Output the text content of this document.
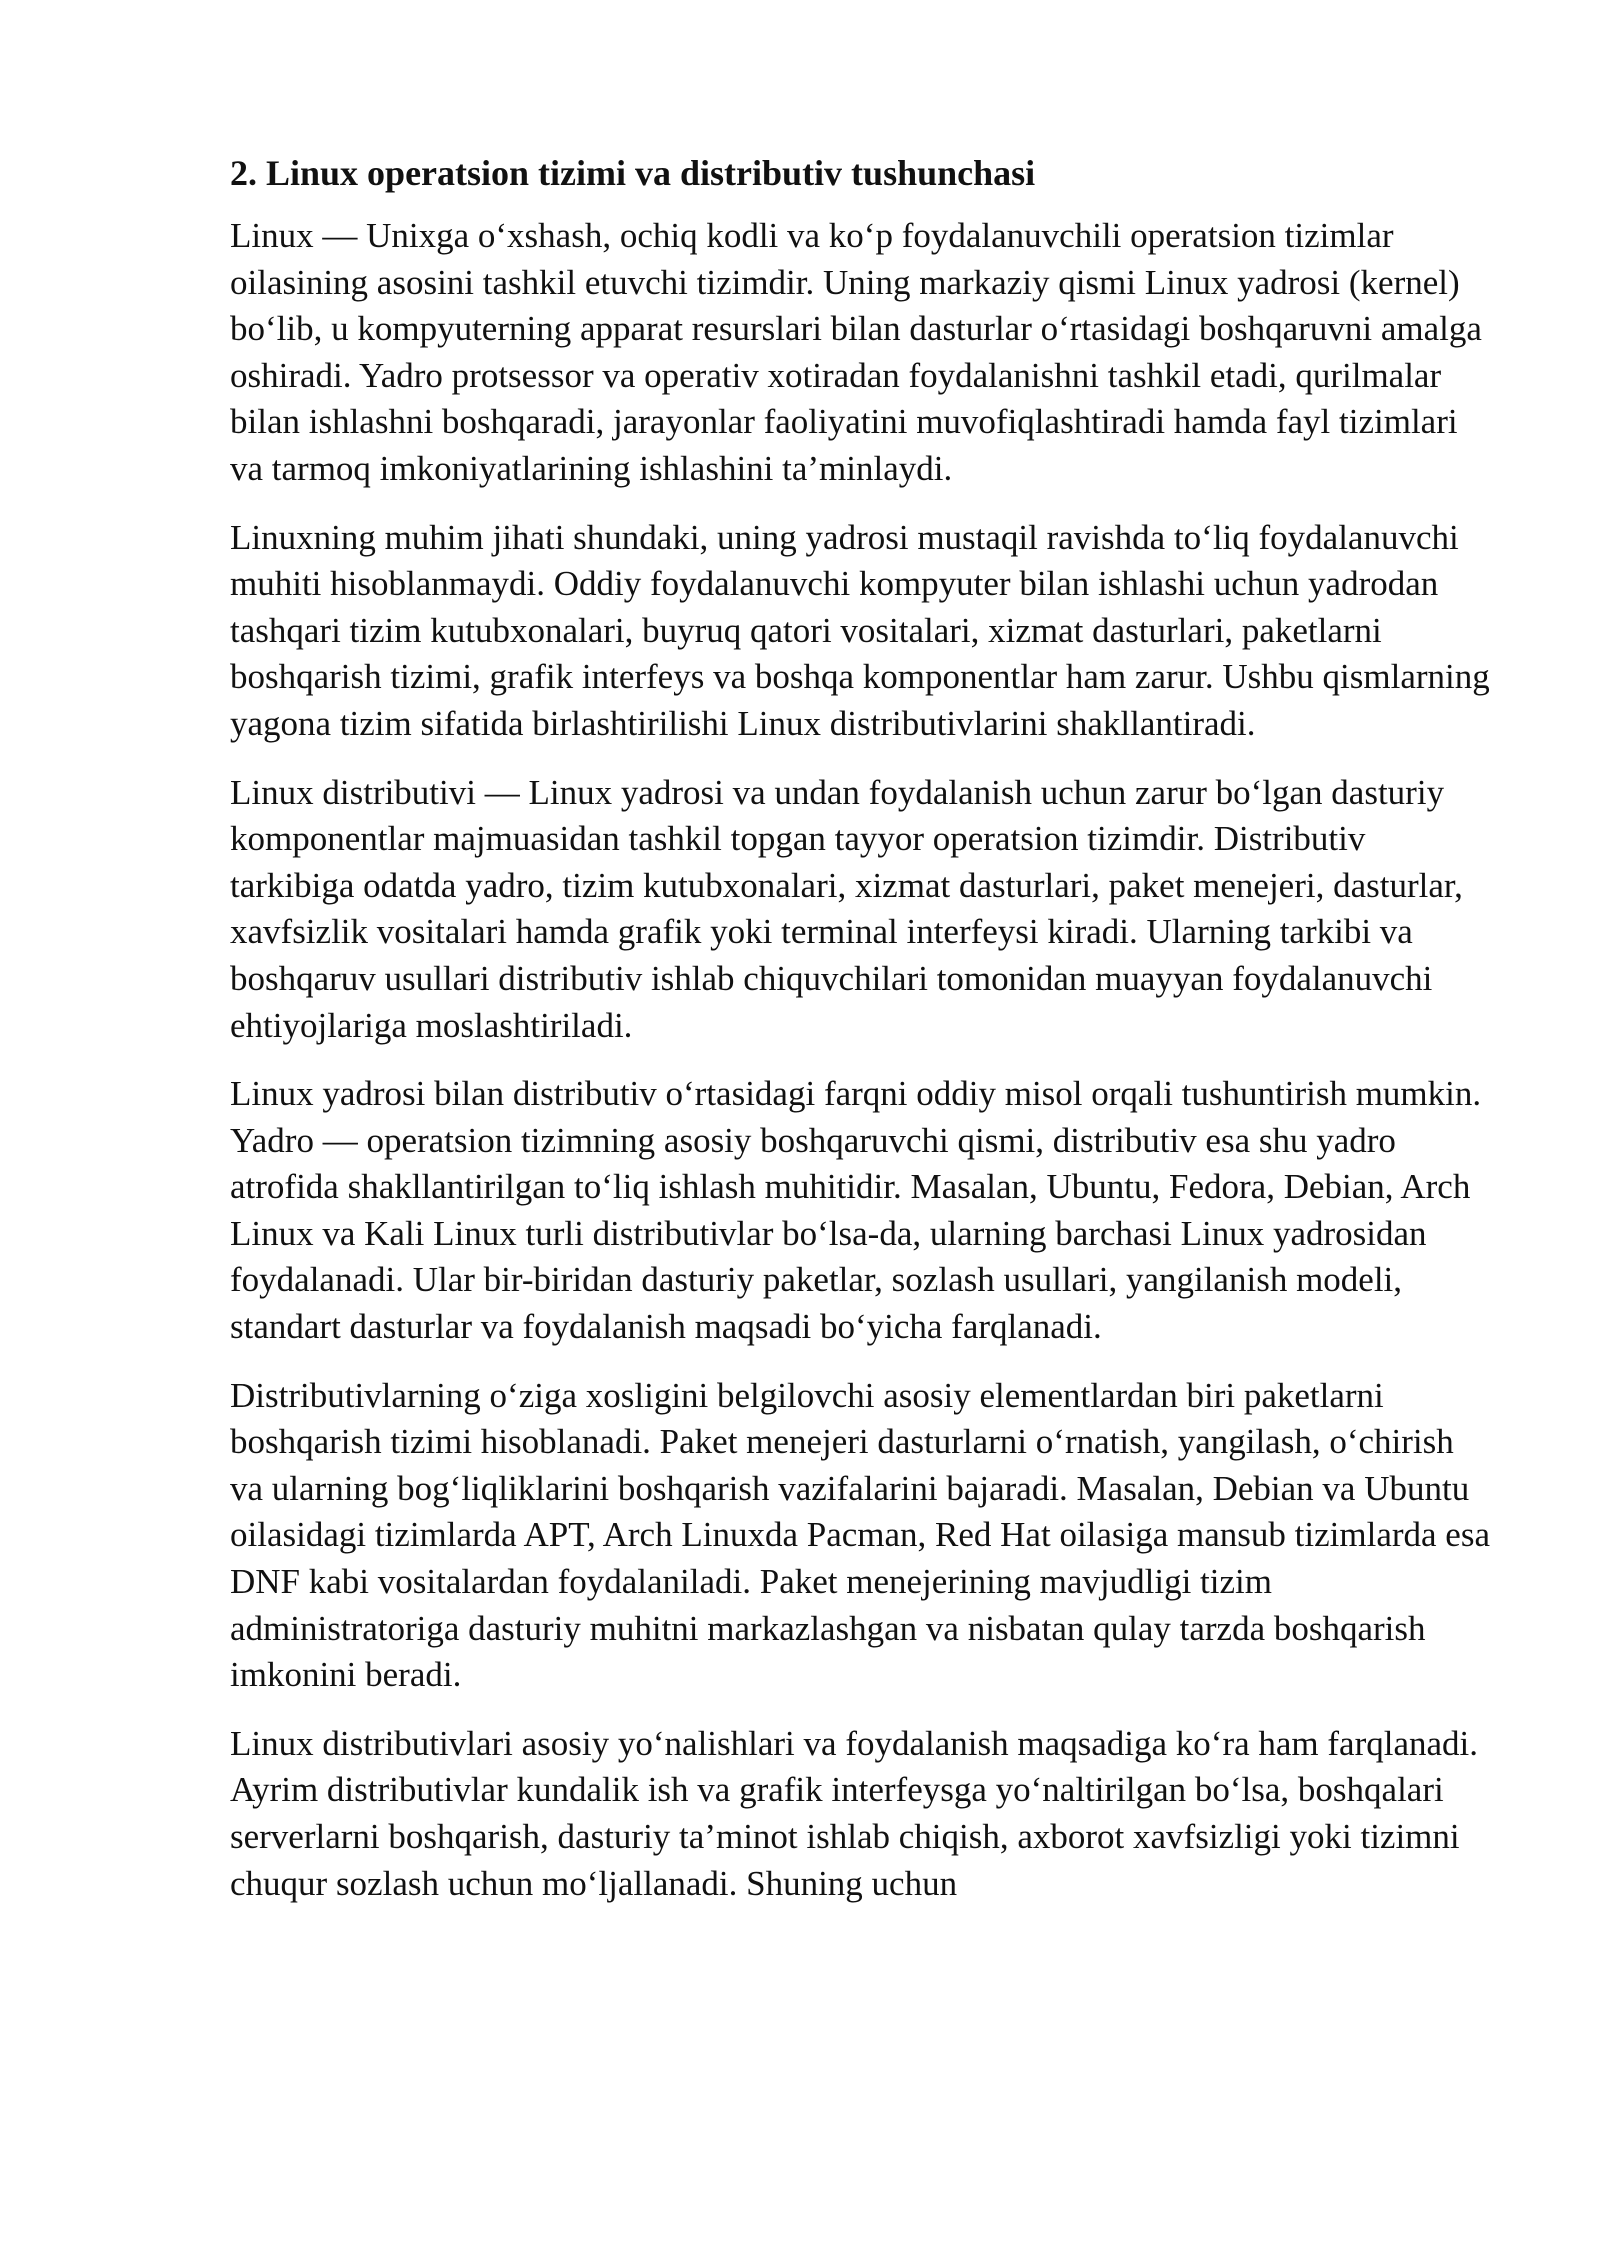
2. Linux operatsion tizimi va distributiv tushunchasi

Linux — Unixga o‘xshash, ochiq kodli va ko‘p foydalanuvchili operatsion tizimlar oilasining asosini tashkil etuvchi tizimdir. Uning markaziy qismi Linux yadrosi (kernel) bo‘lib, u kompyuterning apparat resurslari bilan dasturlar o‘rtasidagi boshqaruvni amalga oshiradi. Yadro protsessor va operativ xotiradan foydalanishni tashkil etadi, qurilmalar bilan ishlashni boshqaradi, jarayonlar faoliyatini muvofiqlashtiradi hamda fayl tizimlari va tarmoq imkoniyatlarining ishlashini ta’minlaydi.

Linuxning muhim jihati shundaki, uning yadrosi mustaqil ravishda to‘liq foydalanuvchi muhiti hisoblanmaydi. Oddiy foydalanuvchi kompyuter bilan ishlashi uchun yadrodan tashqari tizim kutubxonalari, buyruq qatori vositalari, xizmat dasturlari, paketlarni boshqarish tizimi, grafik interfeys va boshqa komponentlar ham zarur. Ushbu qismlarning yagona tizim sifatida birlashtirilishi Linux distributivlarini shakllantiradi.

Linux distributivi — Linux yadrosi va undan foydalanish uchun zarur bo‘lgan dasturiy komponentlar majmuasidan tashkil topgan tayyor operatsion tizimdir. Distributiv tarkibiga odatda yadro, tizim kutubxonalari, xizmat dasturlari, paket menejeri, dasturlar, xavfsizlik vositalari hamda grafik yoki terminal interfeysi kiradi. Ularning tarkibi va boshqaruv usullari distributiv ishlab chiquvchilari tomonidan muayyan foydalanuvchi ehtiyojlariga moslashtiriladi.

Linux yadrosi bilan distributiv o‘rtasidagi farqni oddiy misol orqali tushuntirish mumkin. Yadro — operatsion tizimning asosiy boshqaruvchi qismi, distributiv esa shu yadro atrofida shakllantirilgan to‘liq ishlash muhitidir. Masalan, Ubuntu, Fedora, Debian, Arch Linux va Kali Linux turli distributivlar bo‘lsa-da, ularning barchasi Linux yadrosidan foydalanadi. Ular bir-biridan dasturiy paketlar, sozlash usullari, yangilanish modeli, standart dasturlar va foydalanish maqsadi bo‘yicha farqlanadi.

Distributivlarning o‘ziga xosligini belgilovchi asosiy elementlardan biri paketlarni boshqarish tizimi hisoblanadi. Paket menejeri dasturlarni o‘rnatish, yangilash, o‘chirish va ularning bog‘liqliklarini boshqarish vazifalarini bajaradi. Masalan, Debian va Ubuntu oilasidagi tizimlarda APT, Arch Linuxda Pacman, Red Hat oilasiga mansub tizimlarda esa DNF kabi vositalardan foydalaniladi. Paket menejerining mavjudligi tizim administratoriga dasturiy muhitni markazlashgan va nisbatan qulay tarzda boshqarish imkonini beradi.

Linux distributivlari asosiy yo‘nalishlari va foydalanish maqsadiga ko‘ra ham farqlanadi. Ayrim distributivlar kundalik ish va grafik interfeysga yo‘naltirilgan bo‘lsa, boshqalari serverlarni boshqarish, dasturiy ta’minot ishlab chiqish, axborot xavfsizligi yoki tizimni chuqur sozlash uchun mo‘ljallanadi. Shuning uchun
